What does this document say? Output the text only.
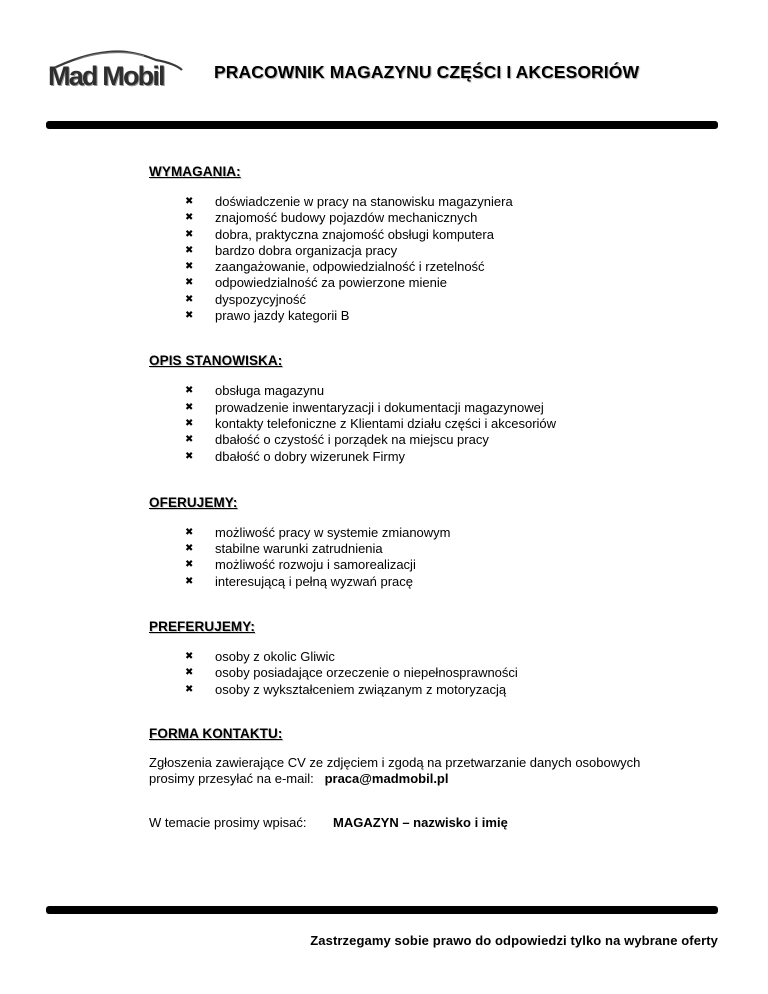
Mad Mobil	PRACOWNIK MAGAZYNU CZĘŚCI I AKCESORIÓW
WYMAGANIA:
✖ doświadczenie w pracy na stanowisku magazyniera
✖ znajomość budowy pojazdów mechanicznych
✖ dobra, praktyczna znajomość obsługi komputera
✖ bardzo dobra organizacja pracy
✖ zaangażowanie, odpowiedzialność i rzetelność
✖ odpowiedzialność za powierzone mienie
✖ dyspozycyjność
✖ prawo jazdy kategorii B
OPIS STANOWISKA:
✖ obsługa magazynu
✖ prowadzenie inwentaryzacji i dokumentacji magazynowej
✖ kontakty telefoniczne z Klientami działu części i akcesoriów
✖ dbałość o czystość i porządek na miejscu pracy
✖ dbałość o dobry wizerunek Firmy
OFERUJEMY:
✖ możliwość pracy w systemie zmianowym
✖ stabilne warunki zatrudnienia
✖ możliwość rozwoju i samorealizacji
✖ interesującą i pełną wyzwań pracę
PREFERUJEMY:
✖ osoby z okolic Gliwic
✖ osoby posiadające orzeczenie o niepełnosprawności
✖ osoby z wykształceniem związanym z motoryzacją
FORMA KONTAKTU:

Zgłoszenia zawierające CV ze zdjęciem i zgodą na przetwarzanie danych osobowych
prosimy przesyłać na e-mail: praca@madmobil.pl

W temacie prosimy wpisać: MAGAZYN – nazwisko i imię

Zastrzegamy sobie prawo do odpowiedzi tylko na wybrane oferty
